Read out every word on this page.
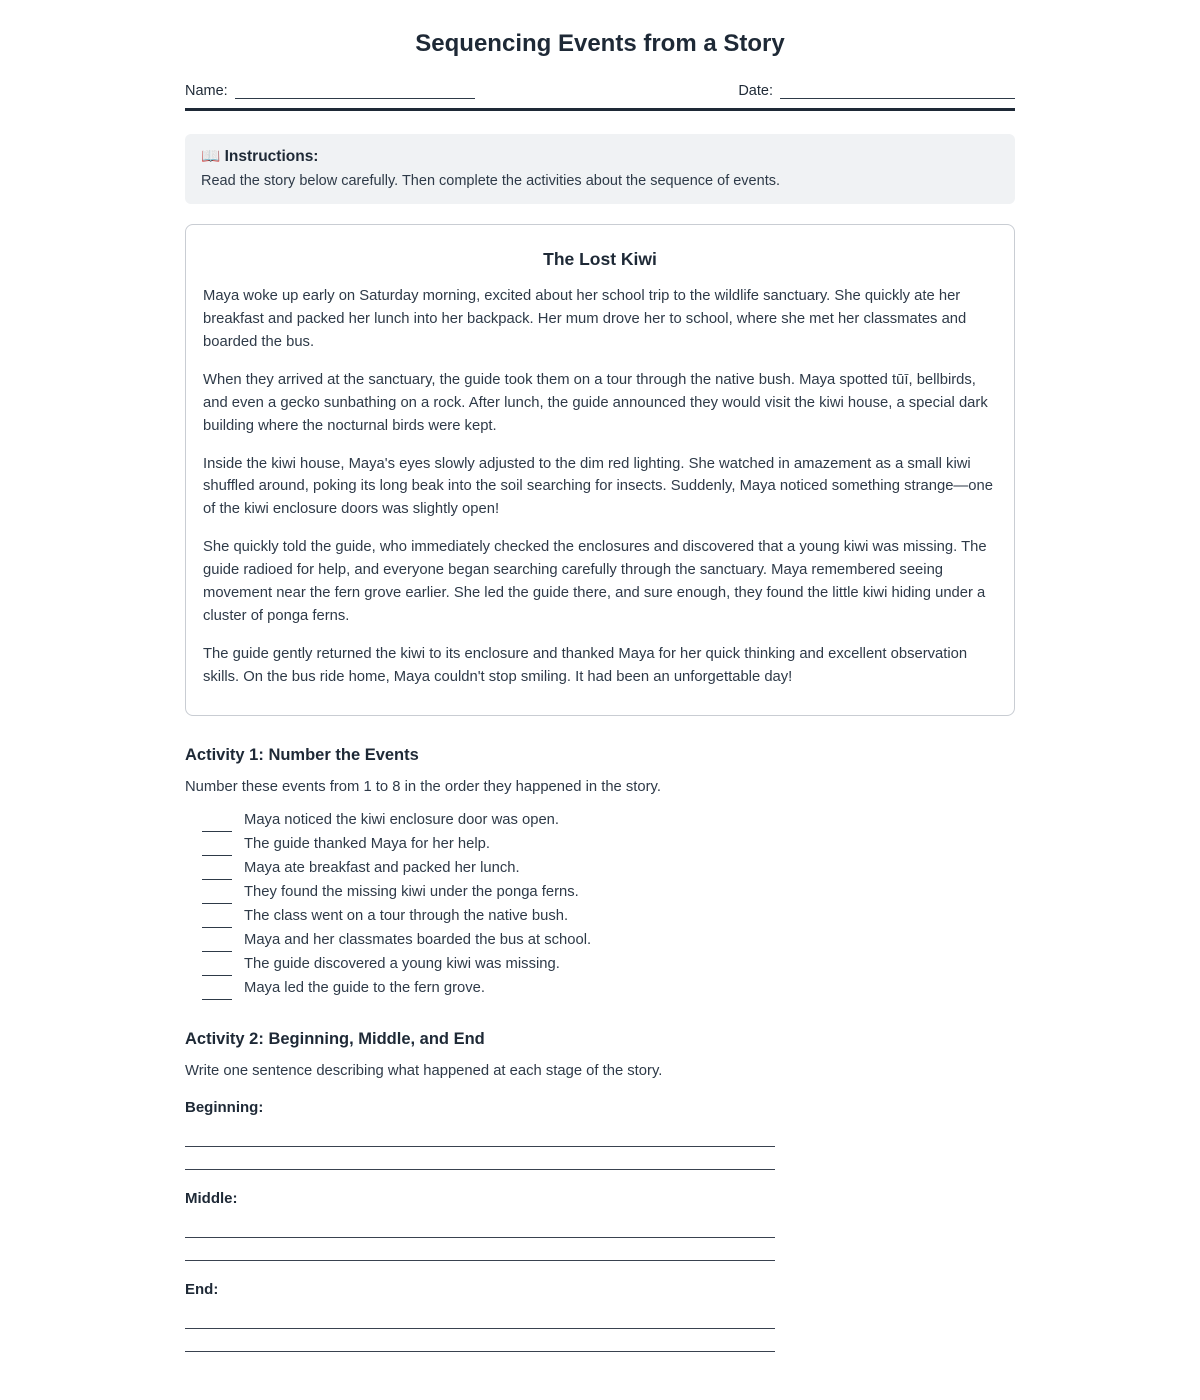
Sequencing Events from a Story
Name:	Date:

📖 Instructions:

Read the story below carefully. Then complete the activities about the sequence of events.

The Lost Kiwi

Maya woke up early on Saturday morning, excited about her school trip to the wildlife sanctuary. She quickly ate her breakfast and packed her lunch into her backpack. Her mum drove her to school, where she met her classmates and boarded the bus.

When they arrived at the sanctuary, the guide took them on a tour through the native bush. Maya spotted tūī, bellbirds, and even a gecko sunbathing on a rock. After lunch, the guide announced they would visit the kiwi house, a special dark building where the nocturnal birds were kept.

Inside the kiwi house, Maya's eyes slowly adjusted to the dim red lighting. She watched in amazement as a small kiwi shuffled around, poking its long beak into the soil searching for insects. Suddenly, Maya noticed something strange—one of the kiwi enclosure doors was slightly open!

She quickly told the guide, who immediately checked the enclosures and discovered that a young kiwi was missing. The guide radioed for help, and everyone began searching carefully through the sanctuary. Maya remembered seeing movement near the fern grove earlier. She led the guide there, and sure enough, they found the little kiwi hiding under a cluster of ponga ferns.

The guide gently returned the kiwi to its enclosure and thanked Maya for her quick thinking and excellent observation skills. On the bus ride home, Maya couldn't stop smiling. It had been an unforgettable day!

Activity 1: Number the Events

Number these events from 1 to 8 in the order they happened in the story.

Maya noticed the kiwi enclosure door was open.
The guide thanked Maya for her help.
Maya ate breakfast and packed her lunch.
They found the missing kiwi under the ponga ferns.
The class went on a tour through the native bush.
Maya and her classmates boarded the bus at school.
The guide discovered a young kiwi was missing.
Maya led the guide to the fern grove.
Activity 2: Beginning, Middle, and End

Write one sentence describing what happened at each stage of the story.

Beginning:

Middle:

End:
